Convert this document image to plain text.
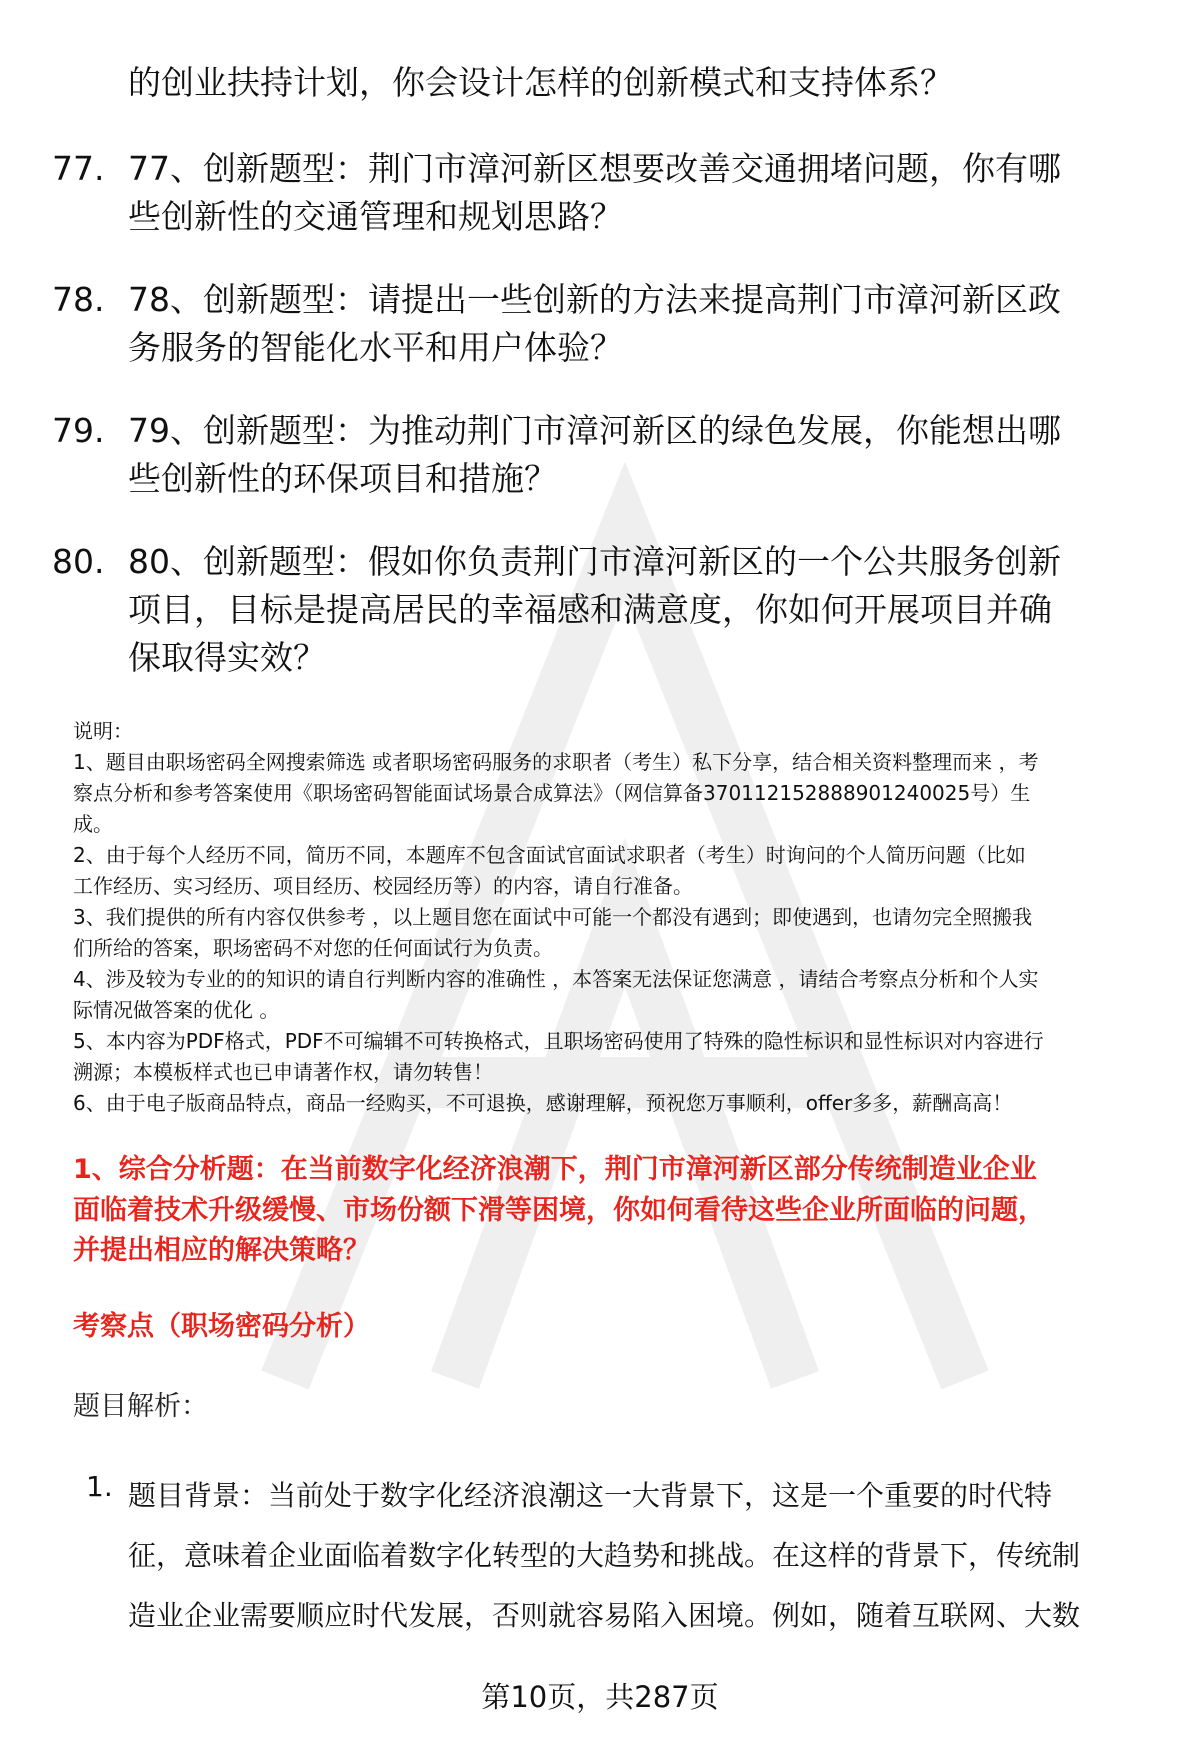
的创业扶持计划，你会设计怎样的创新模式和支持体系？
77. 77、创新题型：荆门市漳河新区想要改善交通拥堵问题，你有哪
些创新性的交通管理和规划思路？
78. 78、创新题型：请提出一些创新的方法来提高荆门市漳河新区政
务服务的智能化水平和用户体验？
79. 79、创新题型：为推动荆门市漳河新区的绿色发展，你能想出哪
些创新性的环保项目和措施？
80. 80、创新题型：假如你负责荆门市漳河新区的一个公共服务创新
项目，目标是提高居民的幸福感和满意度，你如何开展项目并确
保取得实效？
说明：
1、题目由职场密码全网搜索筛选 或者职场密码服务的求职者（考生）私下分享，结合相关资料整理而来 ，考
察点分析和参考答案使用《职场密码智能面试场景合成算法》（网信算备370112152888901240025号）生
成。
2、由于每个人经历不同，简历不同，本题库不包含面试官面试求职者（考生）时询问的个人简历问题（比如
工作经历、实习经历、项目经历、校园经历等）的内容，请自行准备。
3、我们提供的所有内容仅供参考 ，以上题目您在面试中可能一个都没有遇到；即使遇到，也请勿完全照搬我
们所给的答案，职场密码不对您的任何面试行为负责。
4、涉及较为专业的的知识的请自行判断内容的准确性 ，本答案无法保证您满意 ，请结合考察点分析和个人实
际情况做答案的优化 。
5、本内容为PDF格式，PDF不可编辑不可转换格式，且职场密码使用了特殊的隐性标识和显性标识对内容进行
溯源；本模板样式也已申请著作权，请勿转售！
6、由于电子版商品特点，商品一经购买，不可退换，感谢理解，预祝您万事顺利，offer多多，薪酬高高！
1、综合分析题：在当前数字化经济浪潮下，荆门市漳河新区部分传统制造业企业
面临着技术升级缓慢、市场份额下滑等困境，你如何看待这些企业所面临的问题，
并提出相应的解决策略？
考察点（职场密码分析）
题目解析：
1. 题目背景：当前处于数字化经济浪潮这一大背景下，这是一个重要的时代特
征，意味着企业面临着数字化转型的大趋势和挑战。在这样的背景下，传统制
造业企业需要顺应时代发展，否则就容易陷入困境。例如，随着互联网、大数
第10页，共287页
